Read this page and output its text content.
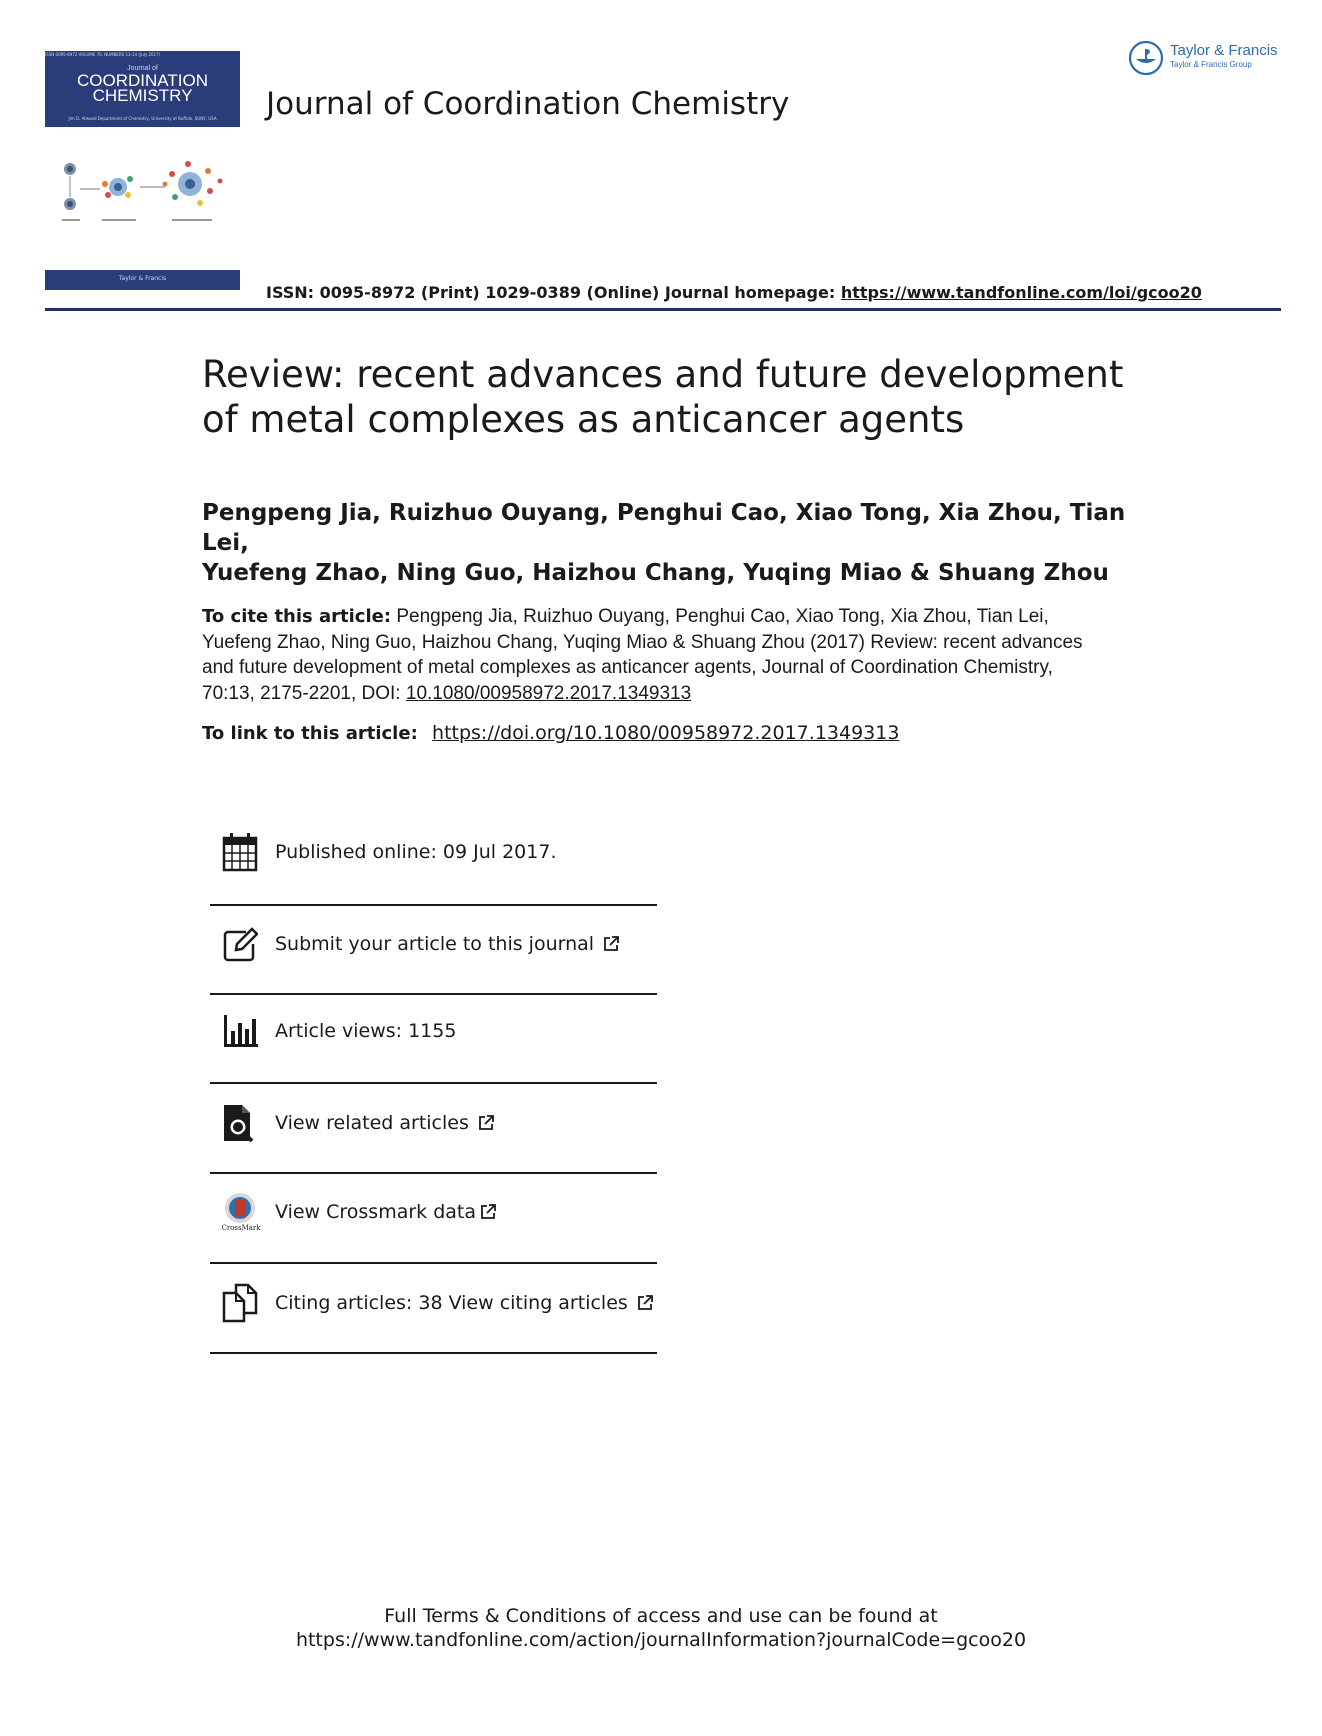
ISSN 0095-8972 VOLUME 70, NUMBERS 13-14 (July 2017)
Journal of
COORDINATION
CHEMISTRY
Jim D. Atwood Department of Chemistry, University at Buffalo, SUNY, USA
Taylor & Francis
Journal of Coordination Chemistry
Taylor & Francis
Taylor & Francis Group
ISSN: 0095-8972 (Print) 1029-0389 (Online) Journal homepage: https://www.tandfonline.com/loi/gcoo20
Review: recent advances and future development
of metal complexes as anticancer agents
Pengpeng Jia, Ruizhuo Ouyang, Penghui Cao, Xiao Tong, Xia Zhou, Tian Lei,
Yuefeng Zhao, Ning Guo, Haizhou Chang, Yuqing Miao & Shuang Zhou
To cite this article: Pengpeng Jia, Ruizhuo Ouyang, Penghui Cao, Xiao Tong, Xia Zhou, Tian Lei, Yuefeng Zhao, Ning Guo, Haizhou Chang, Yuqing Miao & Shuang Zhou (2017) Review: recent advances and future development of metal complexes as anticancer agents, Journal of Coordination Chemistry, 70:13, 2175-2201, DOI: 10.1080/00958972.2017.1349313
To link to this article: https://doi.org/10.1080/00958972.2017.1349313
Published online: 09 Jul 2017.
Submit your article to this journal
Article views: 1155
View related articles
CrossMark
View Crossmark data
Citing articles: 38 View citing articles
Full Terms & Conditions of access and use can be found at
https://www.tandfonline.com/action/journalInformation?journalCode=gcoo20
